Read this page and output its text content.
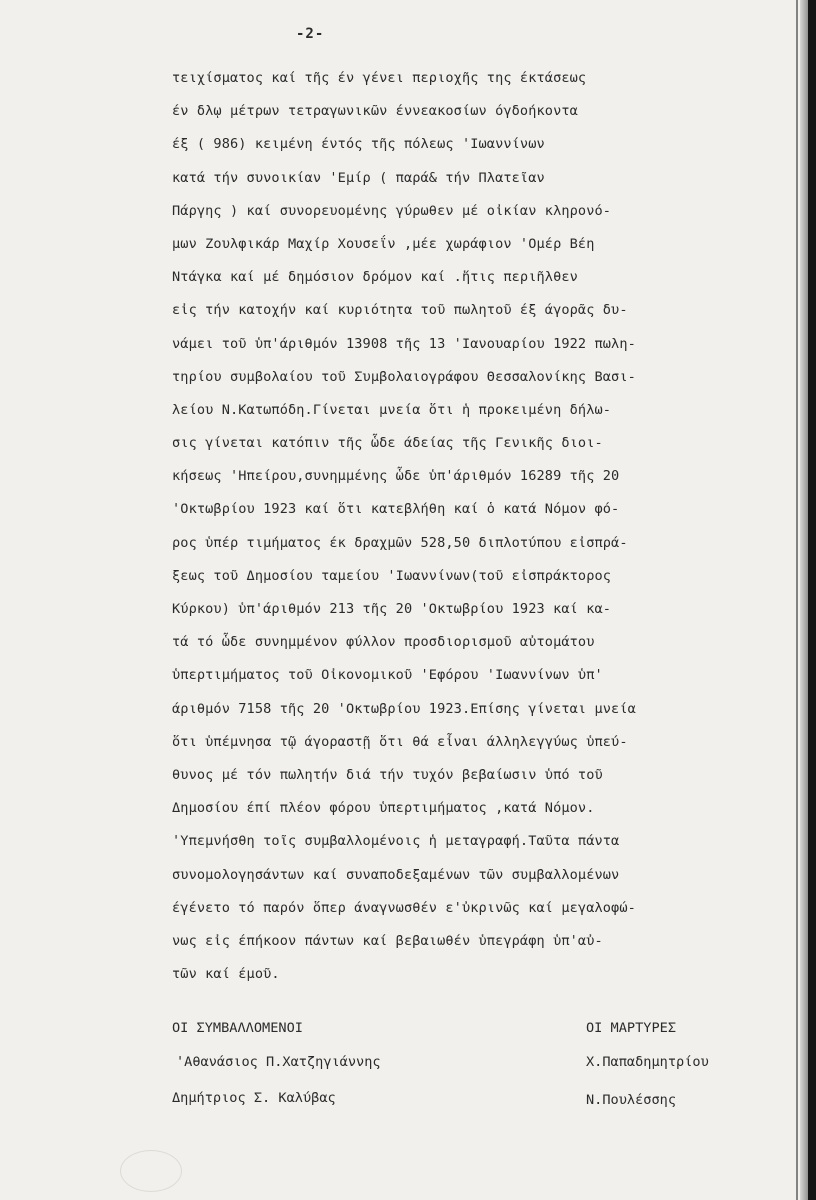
-2-
τειχίσματος καί τῆς έν γένει περιοχῆς της έκτάσεως
έν δλῳ μέτρων τετραγωνικῶν έννεακοσίων όγδοήκοντα
έξ ( 986) κειμένη έντός τῆς πόλεως 'Ιωαννίνων
κατά τήν συνοικίαν 'Εμίρ ( παρά& τήν Πλατεῖαν
Πάργης ) καί συνορευομένης γύρωθεν μέ οἰκίαν κληρονό-
μων Ζουλφικάρ Μαχίρ Χουσεΐν ,μέε χωράφιον 'Ομέρ Βέη
Ντάγκα καί μέ δημόσιον δρόμον καί .ἥτις περιῆλθεν
εἰς τήν κατοχήν καί κυριότητα τοῦ πωλητοῦ έξ άγορᾶς δυ-
νάμει τοῦ ὑπ'άριθμόν 13908 τῆς 13 'Ιανουαρίου 1922 πωλη-
τηρίου συμβολαίου τοῦ Συμβολαιογράφου Θεσσαλονίκης Βασι-
λείου Ν.Κατωπόδη.Γίνεται μνεία ὅτι ἡ προκειμένη δήλω-
σις γίνεται κατόπιν τῆς ὧδε άδείας τῆς Γενικῆς διοι-
κήσεως 'Ηπείρου,συνημμένης ὧδε ὑπ'άριθμόν 16289 τῆς 20
'Οκτωβρίου 1923 καί ὅτι κατεβλήθη καί ὁ κατά Νόμον φό-
ρος ὑπέρ τιμήματος έκ δραχμῶν 528,50 διπλοτύπου εἰσπρά-
ξεως τοῦ Δημοσίου ταμείου 'Ιωαννίνων(τοῦ εἰσπράκτορος
Κύρκου) ὑπ'άριθμόν 213 τῆς 20 'Οκτωβρίου 1923 καί κα-
τά τό ὧδε συνημμένον φύλλον προσδιορισμοῦ αὐτομάτου
ὑπερτιμήματος τοῦ Οἰκονομικοῦ 'Εφόρου 'Ιωαννίνων ὑπ'
άριθμόν 7158 τῆς 20 'Οκτωβρίου 1923.Επίσης γίνεται μνεία
ὅτι ὑπέμνησα τῷ άγοραστῇ ὅτι θά εἶναι άλληλεγγύως ὑπεύ-
θυνος μέ τόν πωλητήν διά τήν τυχόν βεβαίωσιν ὑπό τοῦ
Δημοσίου έπί πλέον φόρου ὑπερτιμήματος ,κατά Νόμον.
'Υπεμνήσθη τοῖς συμβαλλομένοις ἡ μεταγραφή.Ταῦτα πάντα
συνομολογησάντων καί συναποδεξαμένων τῶν συμβαλλομένων
έγένετο τό παρόν ὅπερ άναγνωσθέν ε'ὐκρινῶς καί μεγαλοφώ-
νως εἰς έπήκοον πάντων καί βεβαιωθέν ὑπεγράφη ὑπ'αὐ-
τῶν καί έμοῦ.
ΟΙ ΣΥΜΒΑΛΛΟΜΕΝΟΙ	ΟΙ ΜΑΡΤΥΡΕΣ
'Αθανάσιος Π.Χατζηγιάννης
Δημήτριος Σ. Καλύβας
Χ.Παπαδημητρίου
Ν.Πουλέσσης
